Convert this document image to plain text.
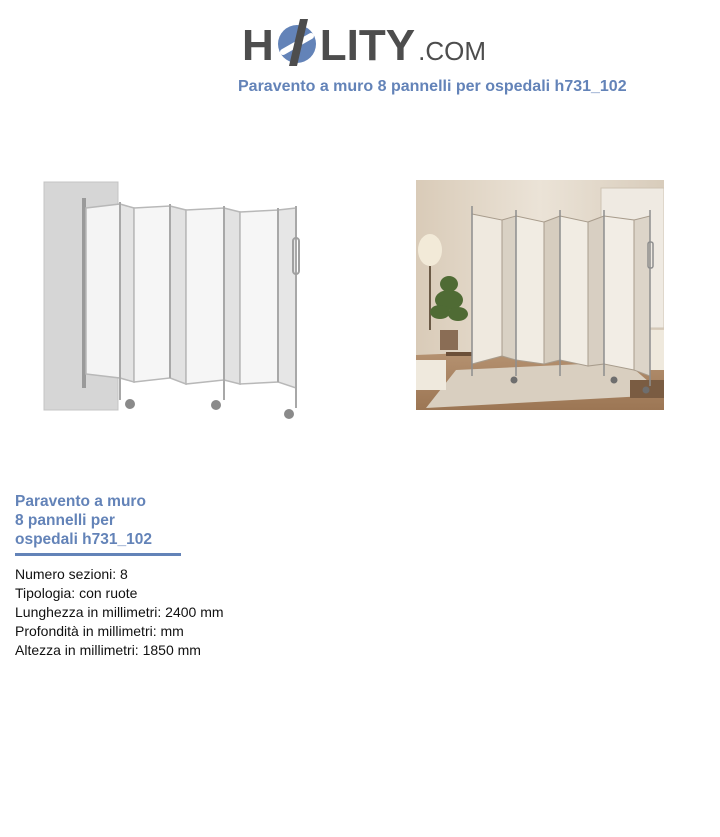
H LITY .COM
Paravento a muro 8 pannelli per ospedali h731_102
Paravento a muro
8 pannelli per
ospedali h731_102
Numero sezioni: 8
Tipologia: con ruote
Lunghezza in millimetri: 2400 mm
Profondità in millimetri: mm
Altezza in millimetri: 1850 mm
